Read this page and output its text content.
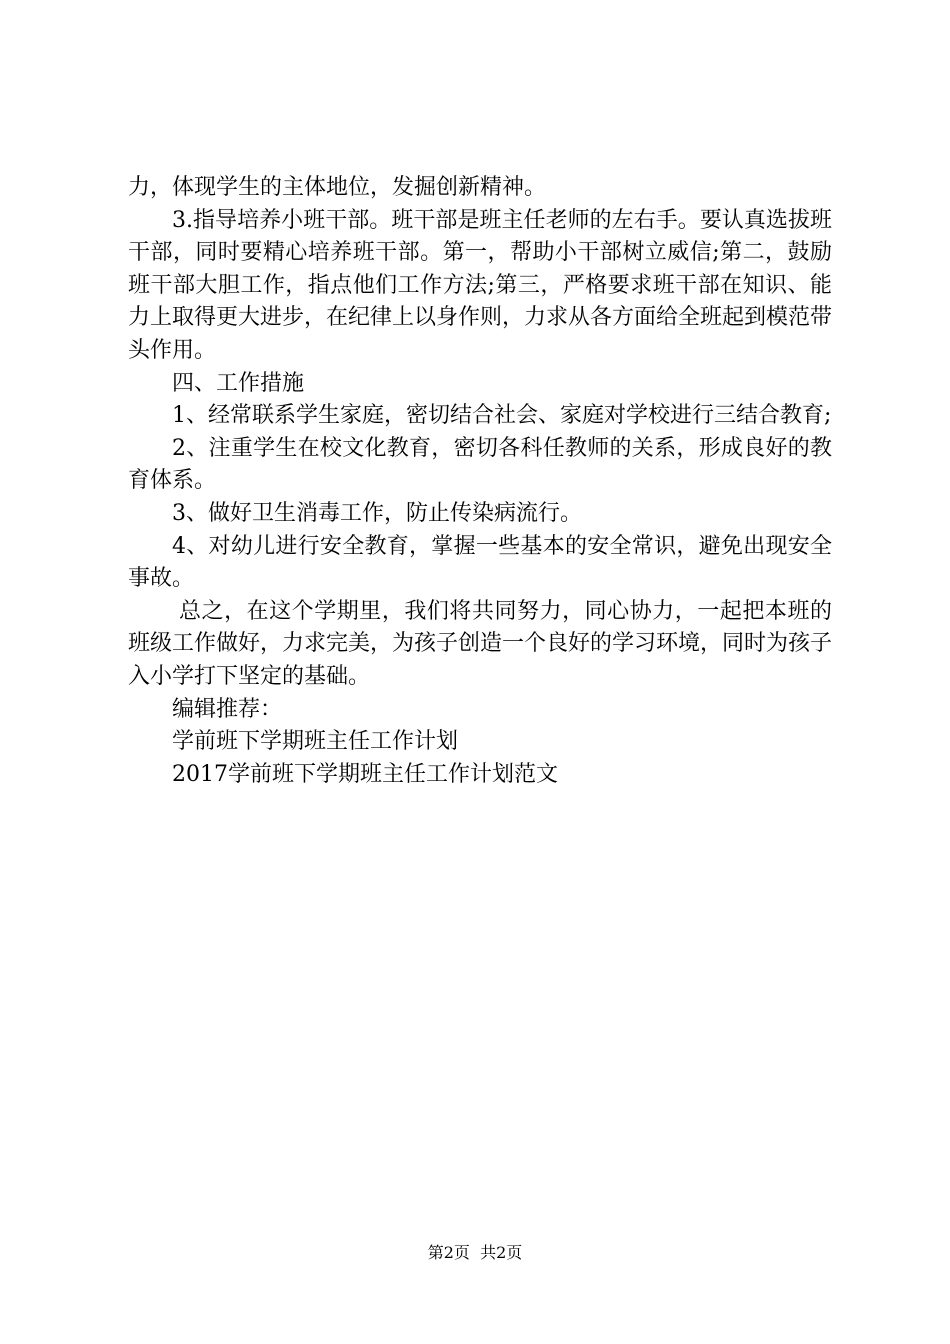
力，体现学生的主体地位，发掘创新精神。

3.指导培养小班干部。班干部是班主任老师的左右手。要认真选拔班干部，同时要精心培养班干部。第一，帮助小干部树立威信;第二，鼓励班干部大胆工作，指点他们工作方法;第三，严格要求班干部在知识、能力上取得更大进步，在纪律上以身作则，力求从各方面给全班起到模范带头作用。

四、工作措施

1、经常联系学生家庭，密切结合社会、家庭对学校进行三结合教育;

2、注重学生在校文化教育，密切各科任教师的关系，形成良好的教育体系。

3、做好卫生消毒工作，防止传染病流行。

4、对幼儿进行安全教育，掌握一些基本的安全常识，避免出现安全事故。

总之，在这个学期里，我们将共同努力，同心协力，一起把本班的班级工作做好，力求完美，为孩子创造一个良好的学习环境，同时为孩子入小学打下坚定的基础。

编辑推荐：

学前班下学期班主任工作计划

2017学前班下学期班主任工作计划范文

第2页  共2页
